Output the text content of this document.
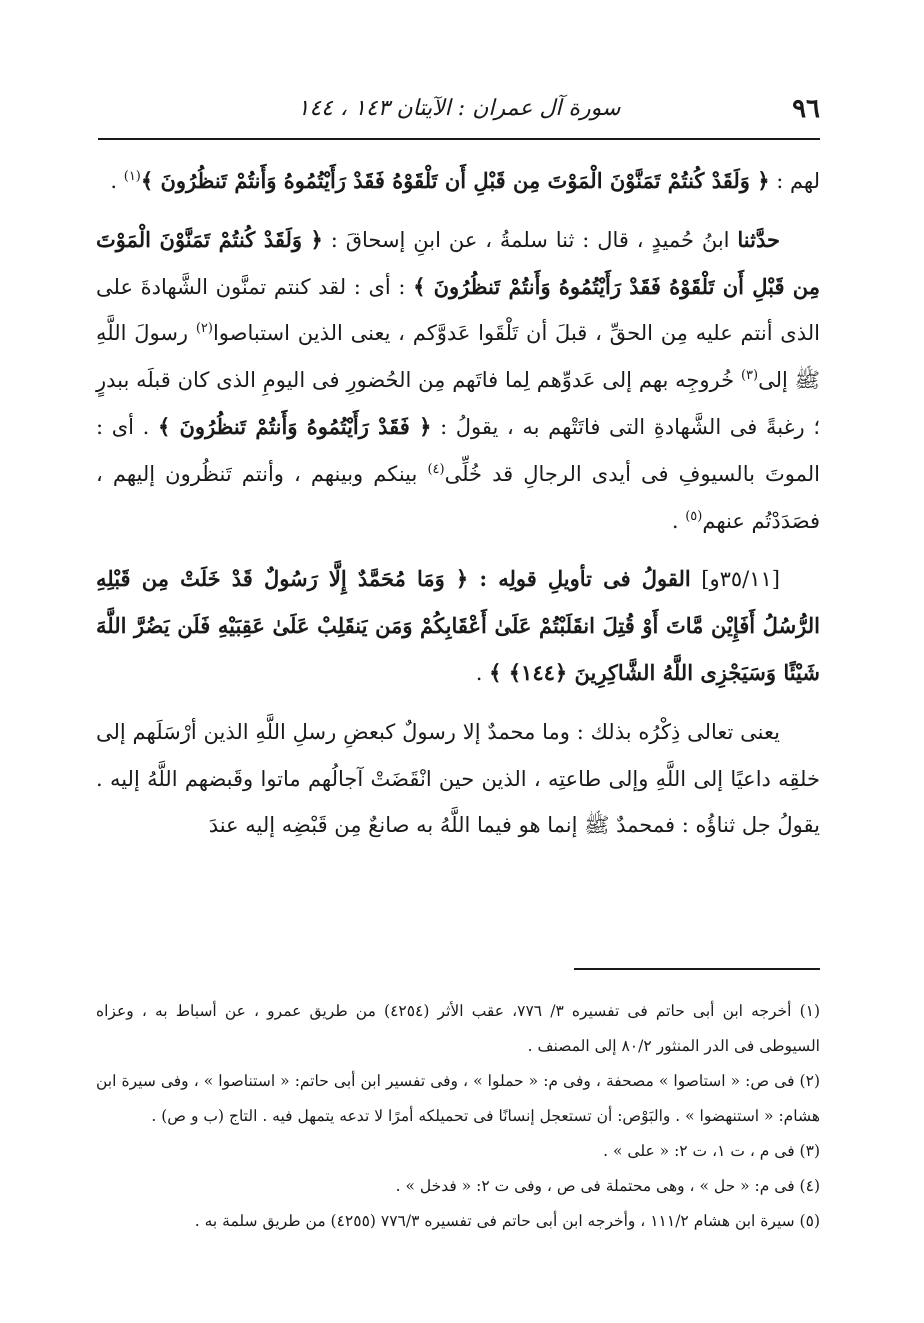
٩٦
سورة آل عمران : الآيتان ١٤٣ ، ١٤٤

لهم : ﴿ وَلَقَدْ كُنتُمْ تَمَنَّوْنَ الْمَوْتَ مِن قَبْلِ أَن تَلْقَوْهُ فَقَدْ رَأَيْتُمُوهُ وَأَنتُمْ تَنظُرُونَ ﴾$^{(١)}$ .

حدَّثنا ابنُ حُميدٍ ، قال : ثنا سلمةُ ، عن ابنِ إسحاقَ : ﴿ وَلَقَدْ كُنتُمْ تَمَنَّوْنَ الْمَوْتَ مِن قَبْلِ أَن تَلْقَوْهُ فَقَدْ رَأَيْتُمُوهُ وَأَنتُمْ تَنظُرُونَ ﴾ : أى : لقد كنتم تمنَّون الشَّهادةَ على الذى أنتم عليه مِن الحقِّ ، قبلَ أن تَلْقَوا عَدوَّكم ، يعنى الذين استباصوا$^{(٢)}$ رسولَ اللَّهِ ﷺ إلى$^{(٣)}$ خُروجِه بهم إلى عَدوِّهم لِما فاتَهم مِن الحُضورِ فى اليومِ الذى كان قبلَه ببدرٍ ؛ رغبةً فى الشَّهادةِ التى فاتَتْهم به ، يقولُ : ﴿ فَقَدْ رَأَيْتُمُوهُ وَأَنتُمْ تَنظُرُونَ ﴾ . أى : الموتَ بالسيوفِ فى أيدى الرجالِ قد خُلِّى$^{(٤)}$ بينكم وبينهم ، وأنتم تَنظُرون إليهم ، فصَدَدْتُم عنهم$^{(٥)}$ .

[٣٥/١١و] القولُ فى تأويلِ قولِه : ﴿ وَمَا مُحَمَّدٌ إِلَّا رَسُولٌ قَدْ خَلَتْ مِن قَبْلِهِ الرُّسُلُ أَفَإِيْن مَّاتَ أَوْ قُتِلَ انقَلَبْتُمْ عَلَىٰ أَعْقَابِكُمْ وَمَن يَنقَلِبْ عَلَىٰ عَقِبَيْهِ فَلَن يَضُرَّ اللَّهَ شَيْئًا وَسَيَجْزِى اللَّهُ الشَّاكِرِينَ ﴿١٤٤﴾ ﴾ .

يعنى تعالى ذِكْرُه بذلك : وما محمدٌ إلا رسولٌ كبعضِ رسلِ اللَّهِ الذين أرْسَلَهم إلى خلقِه داعيًا إلى اللَّهِ وإلى طاعتِه ، الذين حين انْقَضَتْ آجالُهم ماتوا وقَبضهم اللَّهُ إليه . يقولُ جل ثناؤُه : فمحمدٌ ﷺ إنما هو فيما اللَّهُ به صانعٌ مِن قَبْضِه إليه عندَ

(١) أخرجه ابن أبى حاتم فى تفسيره ٣/ ٧٧٦، عقب الأثر (٤٢٥٤) من طريق عمرو ، عن أسباط به ، وعزاه السيوطى فى الدر المنثور ٨٠/٢ إلى المصنف .

(٢) فى ص: « استاصوا » مصحفة ، وفى م: « حملوا » ، وفى تفسير ابن أبى حاتم: « استناصوا » ، وفى سيرة ابن هشام: « استنهضوا » . والبَوْص: أن تستعجل إنسانًا فى تحميلكه أمرًا لا تدعه يتمهل فيه . التاج (ب و ص) .

(٣) فى م ، ت ١، ت ٢: « على » .

(٤) فى م: « حل » ، وهى محتملة فى ص ، وفى ت ٢: « فدخل » .

(٥) سيرة ابن هشام ١١١/٢ ، وأخرجه ابن أبى حاتم فى تفسيره ٧٧٦/٣ (٤٢٥٥) من طريق سلمة به .
